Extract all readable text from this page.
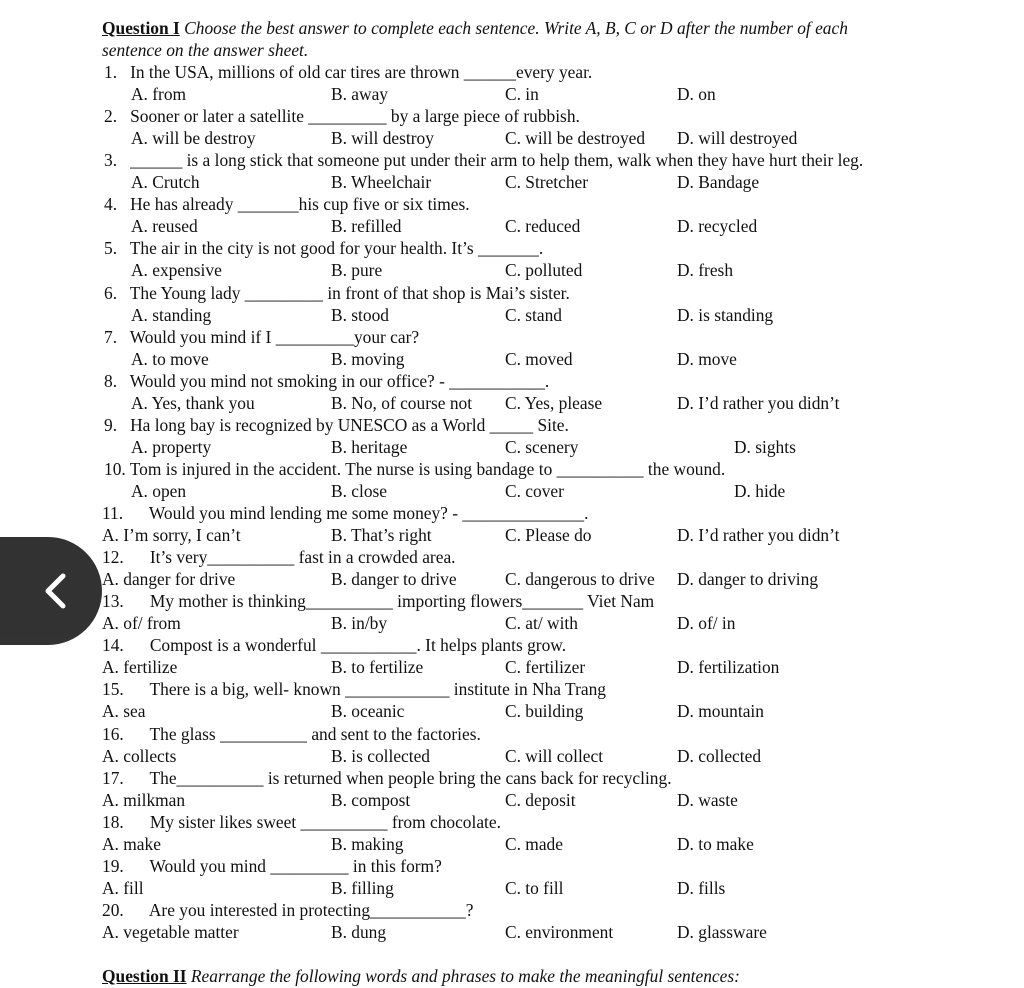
Question I Choose the best answer to complete each sentence. Write A, B, C or D after the number of each

sentence on the answer sheet.

1.   In the USA, millions of old car tires are thrown ______every year.

A. from	B. away	C. in	D. on

2.   Sooner or later a satellite _________ by a large piece of rubbish.

A. will be destroy	B. will destroy	C. will be destroyed D. will destroyed

3.   ______ is a long stick that someone put under their arm to help them, walk when they have hurt their leg.

A. Crutch	B. Wheelchair	C. Stretcher	D. Bandage

4.   He has already _______his cup five or six times.

A. reused	B. refilled	C. reduced	D. recycled

5.   The air in the city is not good for your health. It’s _______.

A. expensive	B. pure	C. polluted	D. fresh

6.   The Young lady _________ in front of that shop is Mai’s sister.

A. standing	B. stood	C. stand	D. is standing

7.   Would you mind if I _________your car?

A. to move	B. moving	C. moved	D. move

8.   Would you mind not smoking in our office? - ___________.

A. Yes, thank you	B. No, of course not C. Yes, please	D. I’d rather you didn’t

9.   Ha long bay is recognized by UNESCO as a World _____ Site.

A. property	B. heritage	C. scenery	D. sights

10. Tom is injured in the accident. The nurse is using bandage to __________ the wound.

A. open	B. close	C. cover	D. hide

11.      Would you mind lending me some money? - ______________.

A. I’m sorry, I can’t	B. That’s right	C. Please do	D. I’d rather you didn’t

12.      It’s very__________ fast in a crowded area.

A. danger for drive	B. danger to drive	C. dangerous to drive D. danger to driving

13.      My mother is thinking__________ importing flowers_______ Viet Nam

A. of/ from	B. in/by	C. at/ with	D. of/ in

14.      Compost is a wonderful ___________. It helps plants grow.

A. fertilize	B. to fertilize	C. fertilizer	D. fertilization

15.      There is a big, well- known ____________ institute in Nha Trang

A. sea	B. oceanic	C. building	D. mountain

16.      The glass __________ and sent to the factories.

A. collects	B. is collected	C. will collect	D. collected

17.      The__________ is returned when people bring the cans back for recycling.

A. milkman	B. compost	C. deposit	D. waste

18.      My sister likes sweet __________ from chocolate.

A. make	B. making	C. made	D. to make

19.      Would you mind _________ in this form?

A. fill	B. filling	C. to fill	D. fills

20.      Are you interested in protecting___________?

A. vegetable matter	B. dung	C. environment	D. glassware

Question II Rearrange the following words and phrases to make the meaningful sentences:
